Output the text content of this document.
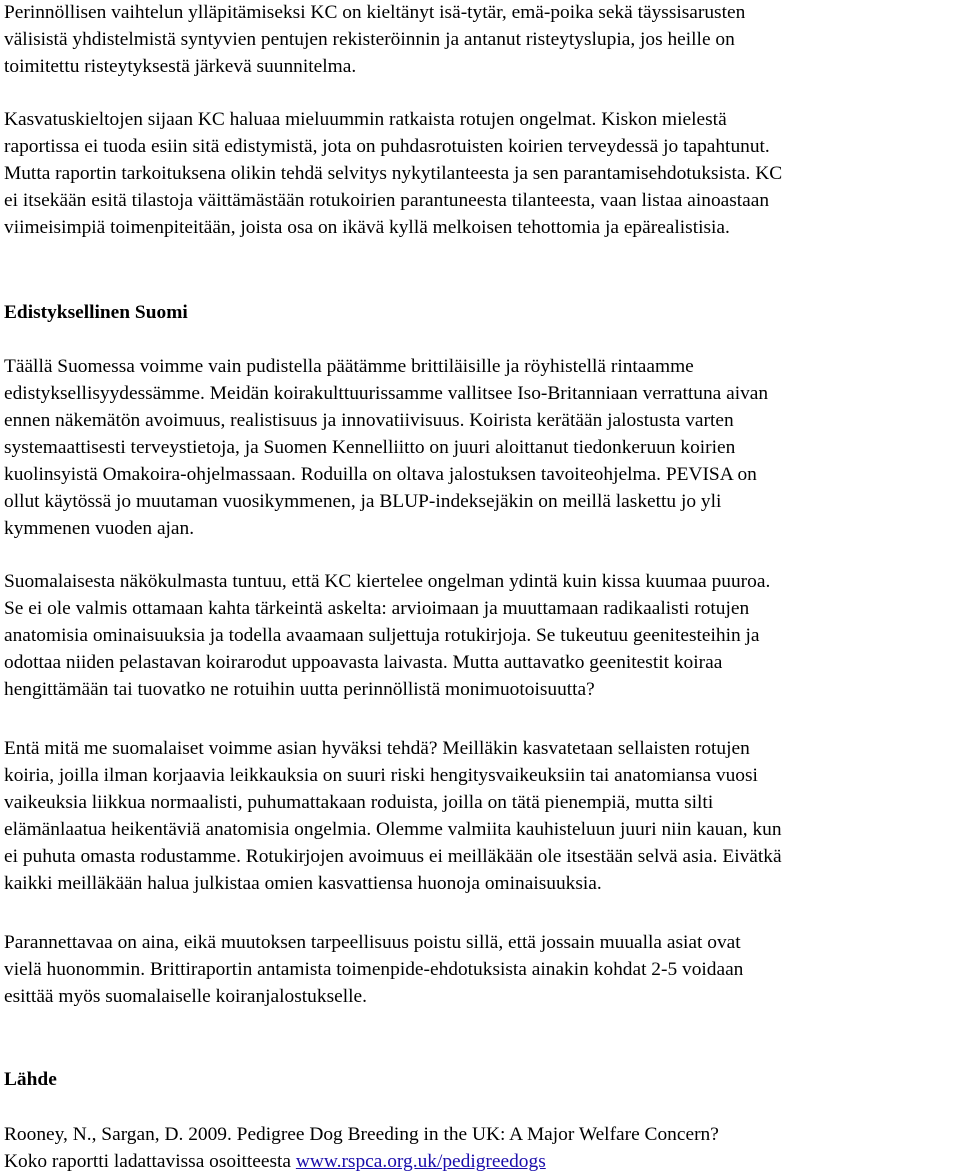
Perinnöllisen vaihtelun ylläpitämiseksi KC on kieltänyt isä-tytär, emä-poika sekä täyssisarusten
välisistä yhdistelmistä syntyvien pentujen rekisteröinnin ja antanut risteytyslupia, jos heille on
toimitettu risteytyksestä järkevä suunnitelma.
Kasvatuskieltojen sijaan KC haluaa mieluummin ratkaista rotujen ongelmat. Kiskon mielestä
raportissa ei tuoda esiin sitä edistymistä, jota on puhdasrotuisten koirien terveydessä jo tapahtunut.
Mutta raportin tarkoituksena olikin tehdä selvitys nykytilanteesta ja sen parantamisehdotuksista. KC
ei itsekään esitä tilastoja väittämästään rotukoirien parantuneesta tilanteesta, vaan listaa ainoastaan
viimeisimpiä toimenpiteitään, joista osa on ikävä kyllä melkoisen tehottomia ja epärealistisia.
Edistyksellinen Suomi
Täällä Suomessa voimme vain pudistella päätämme brittiläisille ja röyhistellä rintaamme
edistyksellisyydessämme. Meidän koirakulttuurissamme vallitsee Iso-Britanniaan verrattuna aivan
ennen näkemätön avoimuus, realistisuus ja innovatiivisuus. Koirista kerätään jalostusta varten
systemaattisesti terveystietoja, ja Suomen Kennelliitto on juuri aloittanut tiedonkeruun koirien
kuolinsyistä Omakoira-ohjelmassaan. Roduilla on oltava jalostuksen tavoiteohjelma. PEVISA on
ollut käytössä jo muutaman vuosikymmenen, ja BLUP-indeksejäkin on meillä laskettu jo yli
kymmenen vuoden ajan.
Suomalaisesta näkökulmasta tuntuu, että KC kiertelee ongelman ydintä kuin kissa kuumaa puuroa.
Se ei ole valmis ottamaan kahta tärkeintä askelta: arvioimaan ja muuttamaan radikaalisti rotujen
anatomisia ominaisuuksia ja todella avaamaan suljettuja rotukirjoja. Se tukeutuu geenitesteihin ja
odottaa niiden pelastavan koirarodut uppoavasta laivasta. Mutta auttavatko geenitestit koiraa
hengittämään tai tuovatko ne rotuihin uutta perinnöllistä monimuotoisuutta?
Entä mitä me suomalaiset voimme asian hyväksi tehdä? Meilläkin kasvatetaan sellaisten rotujen
koiria, joilla ilman korjaavia leikkauksia on suuri riski hengitysvaikeuksiin tai anatomiansa vuosi
vaikeuksia liikkua normaalisti, puhumattakaan roduista, joilla on tätä pienempiä, mutta silti
elämänlaatua heikentäviä anatomisia ongelmia. Olemme valmiita kauhisteluun juuri niin kauan, kun
ei puhuta omasta rodustamme. Rotukirjojen avoimuus ei meilläkään ole itsestään selvä asia. Eivätkä
kaikki meilläkään halua julkistaa omien kasvattiensa huonoja ominaisuuksia.
Parannettavaa on aina, eikä muutoksen tarpeellisuus poistu sillä, että jossain muualla asiat ovat
vielä huonommin. Brittiraportin antamista toimenpide-ehdotuksista ainakin kohdat 2-5 voidaan
esittää myös suomalaiselle koiranjalostukselle.
Lähde
Rooney, N., Sargan, D. 2009. Pedigree Dog Breeding in the UK: A Major Welfare Concern?
Koko raportti ladattavissa osoitteesta www.rspca.org.uk/pedigreedogs
